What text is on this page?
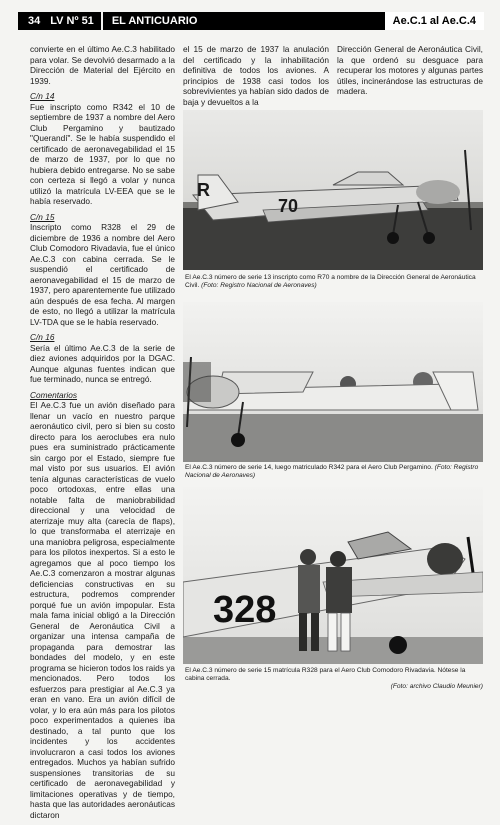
34 LV Nº 51	EL ANTICUARIO	Ae.C.1 al Ae.C.4

convierte en el último Ae.C.3 habilitado para volar. Se devolvió desarmado a la Dirección de Material del Ejército en 1939.

C/n 14
Fue inscripto como R342 el 10 de septiembre de 1937 a nombre del Aero Club Pergamino y bautizado "Querandí". Se le había suspendido el certificado de aeronavegabilidad el 15 de marzo de 1937, por lo que no hubiera debido entregarse. No se sabe con certeza si llegó a volar y nunca utilizó la matrícula LV-EEA que se le había reservado.

C/n 15
Inscripto como R328 el 29 de diciembre de 1936 a nombre del Aero Club Comodoro Rivadavia, fue el único Ae.C.3 con cabina cerrada. Se le suspendió el certificado de aeronavegabilidad el 15 de marzo de 1937, pero aparentemente fue utilizado aún después de esa fecha. Al margen de esto, no llegó a utilizar la matrícula LV-TDA que se le había reservado.

C/n 16
Sería el último Ae.C.3 de la serie de diez aviones adquiridos por la DGAC. Aunque algunas fuentes indican que fue terminado, nunca se entregó.

Comentarios
El Ae.C.3 fue un avión diseñado para llenar un vacío en nuestro parque aeronáutico civil, pero si bien su costo directo para los aeroclubes era nulo pues era suministrado prácticamente sin cargo por el Estado, siempre fue mal visto por sus usuarios. El avión tenía algunas características de vuelo poco ortodoxas, entre ellas una notable falta de maniobrabilidad direccional y una velocidad de aterrizaje muy alta (carecía de flaps), lo que transformaba el aterrizaje en una maniobra peligrosa, especialmente para los pilotos inexpertos. Si a esto le agregamos que al poco tiempo los Ae.C.3 comenzaron a mostrar algunas deficiencias constructivas en su estructura, podremos comprender porqué fue un avión impopular. Esta mala fama inicial obligó a la Dirección General de Aeronáutica Civil a organizar una intensa campaña de propaganda para demostrar las bondades del modelo, y en este programa se hicieron todos los raids ya mencionados. Pero todos los esfuerzos para prestigiar al Ae.C.3 ya eran en vano. Era un avión difícil de volar, y lo era aún más para los pilotos poco experimentados a quienes iba destinado, a tal punto que los incidentes y los accidentes involucraron a casi todos los aviones entregados. Muchos ya habían sufrido suspensiones transitorias de su certificado de aeronavegabilidad y limitaciones operativas y de tiempo, hasta que las autoridades aeronáuticas dictaron

el 15 de marzo de 1937 la anulación del certificado y la inhabilitación definitiva de todos los aviones. A principios de 1938 casi todos los sobrevivientes ya habían sido dados de baja y devueltos a la

Dirección General de Aeronáutica Civil, la que ordenó su desguace para recuperar los motores y algunas partes útiles, incinerándose las estructuras de madera.

R
70
El Ae.C.3 número de serie 13 inscripto como R70 a nombre de la Dirección General de Aeronáutica Civil. (Foto: Registro Nacional de Aeronaves)
El Ae.C.3 número de serie 14, luego matriculado R342 para el Aero Club Pergamino. (Foto: Registro Nacional de Aeronaves)
328
El Ae.C.3 número de serie 15 matrícula R328 para el Aero Club Comodoro Rivadavia. Nótese la cabina cerrada.
(Foto: archivo Claudio Meunier)
